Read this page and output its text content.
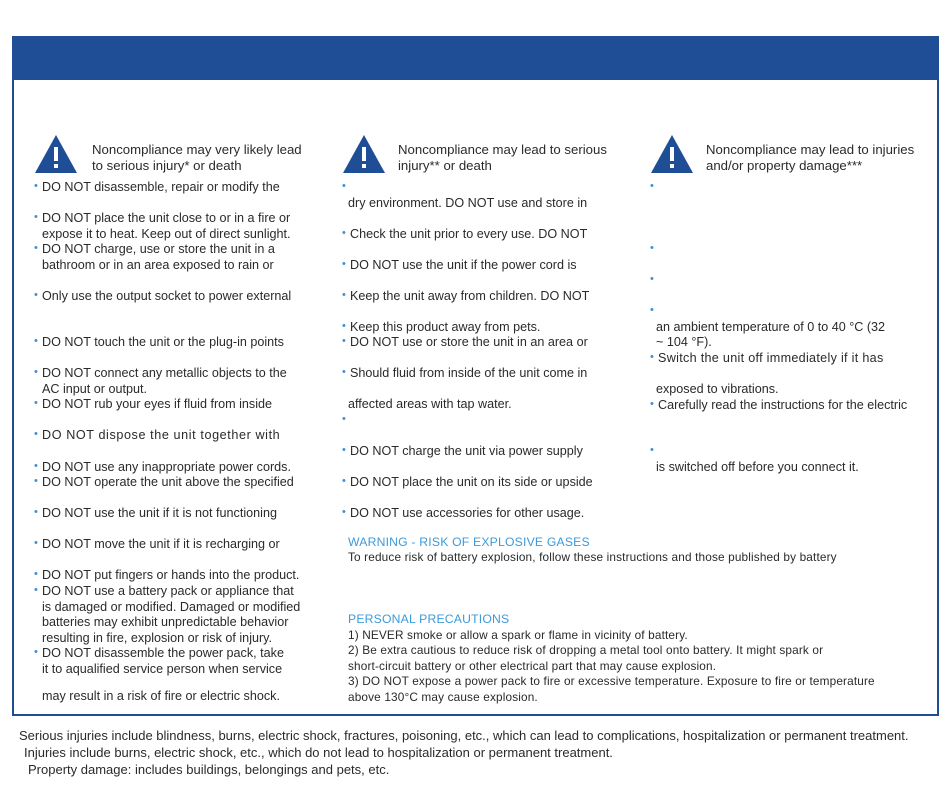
Noncompliance may very likely lead
to serious injury* or death
• DO NOT disassemble, repair or modify the
• DO NOT place the unit close to or in a fire or
expose it to heat. Keep out of direct sunlight.
• DO NOT charge, use or store the unit in a
bathroom or in an area exposed to rain or
• Only use the output socket to power external
• DO NOT touch the unit or the plug-in points
• DO NOT connect any metallic objects to the
AC input or output.
• DO NOT rub your eyes if fluid from inside
• DO NOT dispose the unit together with
• DO NOT use any inappropriate power cords.
• DO NOT operate the unit above the specified
• DO NOT use the unit if it is not functioning
• DO NOT move the unit if it is recharging or
• DO NOT put fingers or hands into the product.
• DO NOT use a battery pack or appliance that
is damaged or modified. Damaged or modified
batteries may exhibit unpredictable behavior
resulting in fire, explosion or risk of injury.
• DO NOT disassemble the power pack, take
it to aqualified service person when service
may result in a risk of fire or electric shock.
Noncompliance may lead to serious
injury** or death
•
dry environment. DO NOT use and store in
• Check the unit prior to every use. DO NOT
• DO NOT use the unit if the power cord is
• Keep the unit away from children. DO NOT
• Keep this product away from pets.
• DO NOT use or store the unit in an area or
• Should fluid from inside of the unit come in
affected areas with tap water.
•
• DO NOT charge the unit via power supply
• DO NOT place the unit on its side or upside
• DO NOT use accessories for other usage.
Noncompliance may lead to injuries
and/or property damage***
•
•
•
•
an ambient temperature of 0 to 40 °C (32
~ 104 °F).
• Switch the unit off immediately if it has
exposed to vibrations.
• Carefully read the instructions for the electric
•
is switched off before you connect it.
WARNING - RISK OF EXPLOSIVE GASES
To reduce risk of battery explosion, follow these instructions and those published by battery
PERSONAL PRECAUTIONS
1) NEVER smoke or allow a spark or flame in vicinity of battery.
2) Be extra cautious to reduce risk of dropping a metal tool onto battery. It might spark or
short-circuit battery or other electrical part that may cause explosion.
3) DO NOT expose a power pack to fire or excessive temperature. Exposure to fire or temperature
above 130°C may cause explosion.
Serious injuries include blindness, burns, electric shock, fractures, poisoning, etc., which can lead to complications, hospitalization or permanent treatment.
Injuries include burns, electric shock, etc., which do not lead to hospitalization or permanent treatment.
Property damage: includes buildings, belongings and pets, etc.
